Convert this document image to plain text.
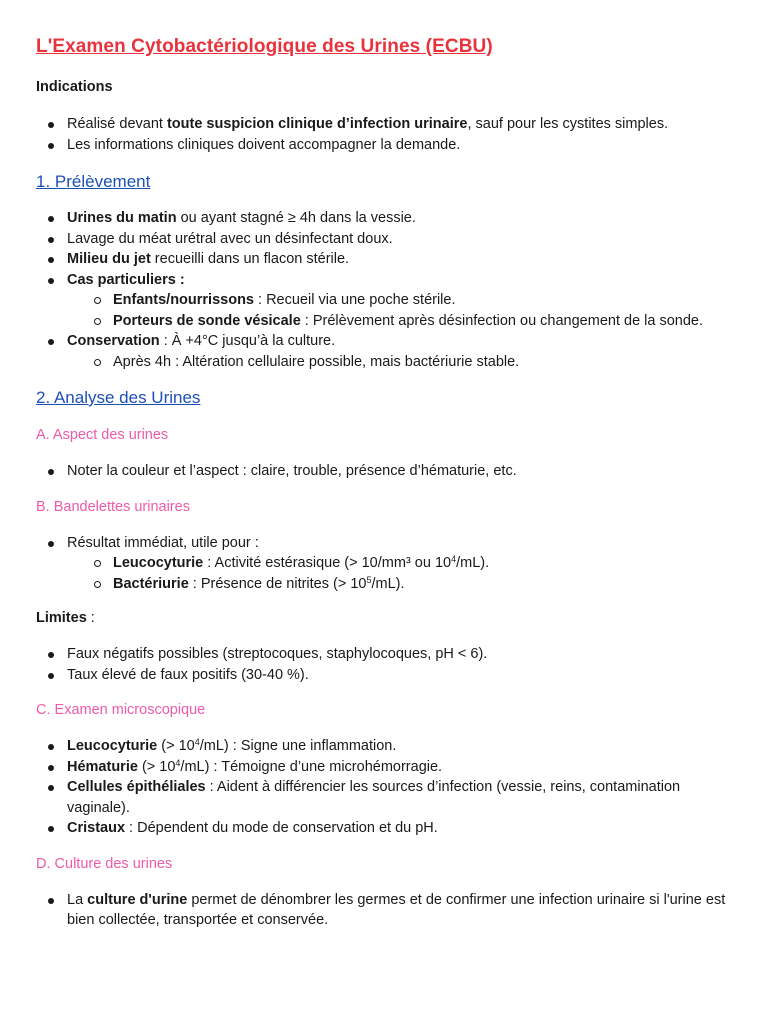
L'Examen Cytobactériologique des Urines (ECBU)
Indications
Réalisé devant toute suspicion clinique d’infection urinaire, sauf pour les cystites simples.
Les informations cliniques doivent accompagner la demande.
1. Prélèvement
Urines du matin ou ayant stagné ≥ 4h dans la vessie.
Lavage du méat urétral avec un désinfectant doux.
Milieu du jet recueilli dans un flacon stérile.
Cas particuliers :
Enfants/nourrissons : Recueil via une poche stérile.
Porteurs de sonde vésicale : Prélèvement après désinfection ou changement de la sonde.
Conservation : À +4°C jusqu’à la culture.
Après 4h : Altération cellulaire possible, mais bactériurie stable.
2. Analyse des Urines
A. Aspect des urines
Noter la couleur et l’aspect : claire, trouble, présence d’hématurie, etc.
B. Bandelettes urinaires
Résultat immédiat, utile pour :
Leucocyturie : Activité estérasique (> 10/mm³ ou $10^4/mL$).
Bactériurie : Présence de nitrites (> $10^5/mL$).
Limites :
Faux négatifs possibles (streptocoques, staphylocoques, pH < 6).
Taux élevé de faux positifs (30-40 %).
C. Examen microscopique
Leucocyturie (> $10^4/mL$) : Signe une inflammation.
Hématurie (> $10^4/mL$) : Témoigne d’une microhémorragie.
Cellules épithéliales : Aident à différencier les sources d’infection (vessie, reins, contamination vaginale).
Cristaux : Dépendent du mode de conservation et du pH.
D. Culture des urines
La culture d'urine permet de dénombrer les germes et de confirmer une infection urinaire si l'urine est bien collectée, transportée et conservée.
